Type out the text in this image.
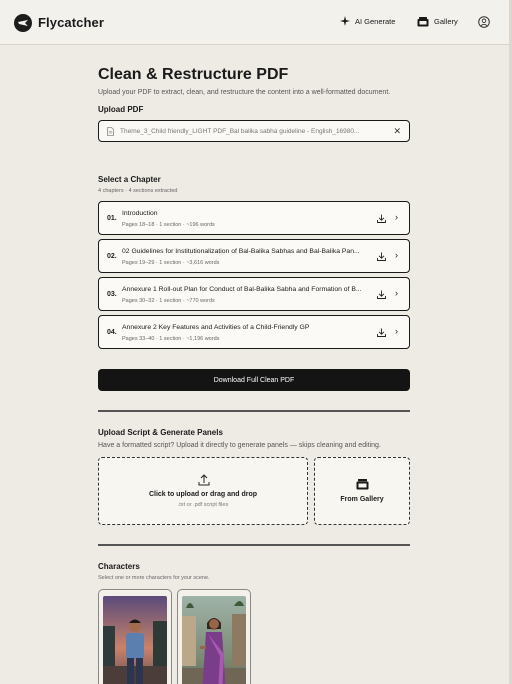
Flycatcher	AI Generate	Gallery
Clean & Restructure PDF
Upload your PDF to extract, clean, and restructure the content into a well-formatted document.
Upload PDF
Theme_3_Child friendly_LIGHT PDF_Bal balika sabha guideline - English_16980...	✕
Select a Chapter
4 chapters · 4 sections extracted
01.
Introduction
Pages 18–18 · 1 section · ~196 words
›
02.
02 Guidelines for Institutionalization of Bal-Balika Sabhas and Bal-Balika Pan...
Pages 19–29 · 1 section · ~3,616 words
›
03.
Annexure 1 Roll-out Plan for Conduct of Bal-Balika Sabha and Formation of B...
Pages 30–32 · 1 section · ~770 words
›
04.
Annexure 2 Key Features and Activities of a Child-Friendly GP
Pages 33–40 · 1 section · ~1,196 words
›
Download Full Clean PDF
Upload Script & Generate Panels
Have a formatted script? Upload it directly to generate panels — skips cleaning and editing.
Click to upload or drag and drop
.txt or .pdf script files
From Gallery
Characters
Select one or more characters for your scene.
